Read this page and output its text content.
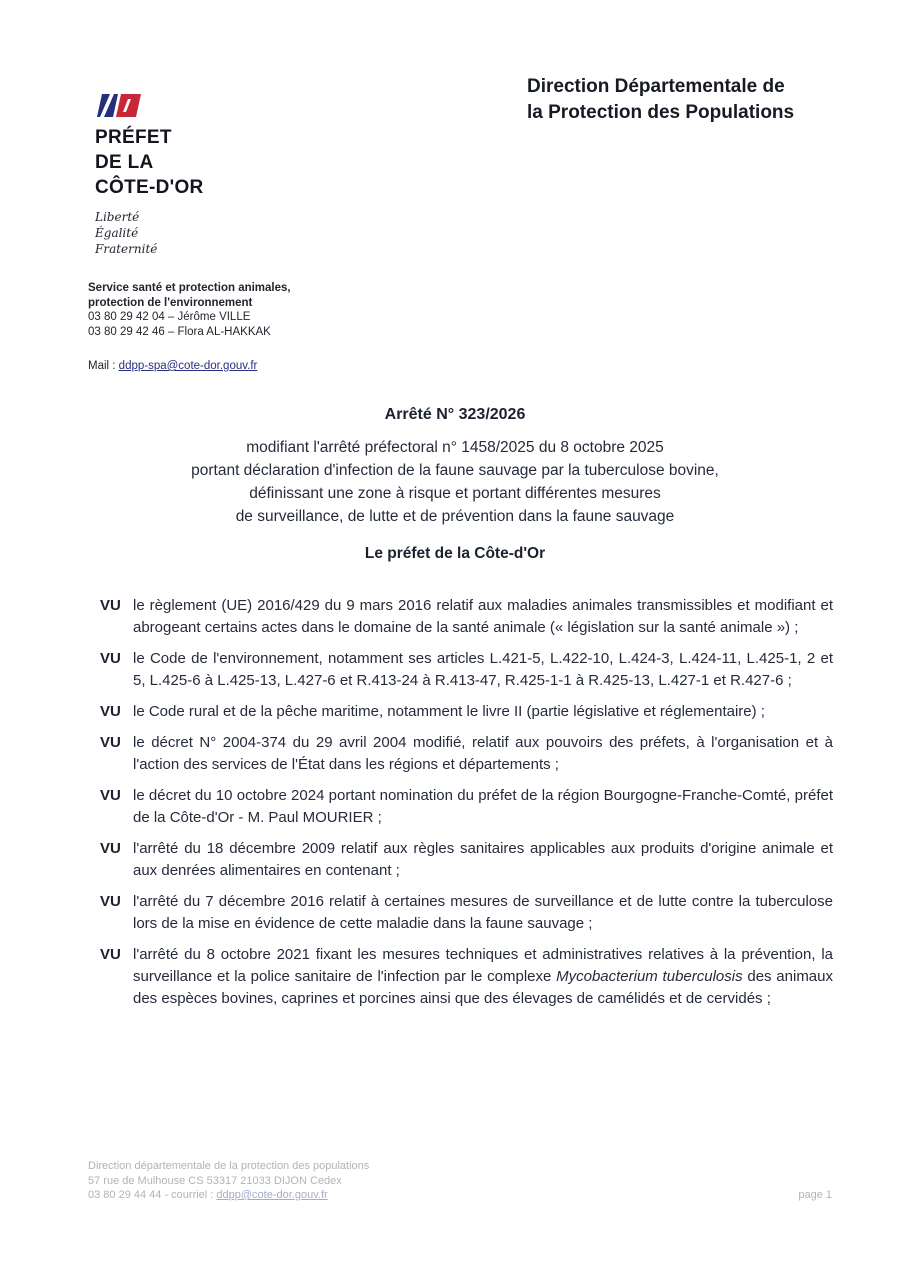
Direction Départementale de
la Protection des Populations
PRÉFET
DE LA
CÔTE-D'OR
Liberté
Égalité
Fraternité
Service santé et protection animales,
protection de l'environnement
03 80 29 42 04 – Jérôme VILLE
03 80 29 42 46 – Flora AL-HAKKAK
Mail : ddpp-spa@cote-dor.gouv.fr
Arrêté N° 323/2026
modifiant l'arrêté préfectoral n° 1458/2025 du 8 octobre 2025
portant déclaration d'infection de la faune sauvage par la tuberculose bovine,
définissant une zone à risque et portant différentes mesures
de surveillance, de lutte et de prévention dans la faune sauvage
Le préfet de la Côte-d'Or
VU le règlement (UE) 2016/429 du 9 mars 2016 relatif aux maladies animales transmissibles et modifiant et abrogeant certains actes dans le domaine de la santé animale (« législation sur la santé animale ») ;
VU le Code de l'environnement, notamment ses articles L.421-5, L.422-10, L.424-3, L.424-11, L.425-1, 2 et 5, L.425-6 à L.425-13, L.427-6 et R.413-24 à R.413-47, R.425-1-1 à R.425-13, L.427-1 et R.427-6 ;
VU le Code rural et de la pêche maritime, notamment le livre II (partie législative et réglementaire) ;
VU le décret N° 2004-374 du 29 avril 2004 modifié, relatif aux pouvoirs des préfets, à l'organisation et à l'action des services de l'État dans les régions et départements ;
VU le décret du 10 octobre 2024 portant nomination du préfet de la région Bourgogne-Franche-Comté, préfet de la Côte-d'Or - M. Paul MOURIER ;
VU l'arrêté du 18 décembre 2009 relatif aux règles sanitaires applicables aux produits d'origine animale et aux denrées alimentaires en contenant ;
VU l'arrêté du 7 décembre 2016 relatif à certaines mesures de surveillance et de lutte contre la tuberculose lors de la mise en évidence de cette maladie dans la faune sauvage ;
VU l'arrêté du 8 octobre 2021 fixant les mesures techniques et administratives relatives à la prévention, la surveillance et la police sanitaire de l'infection par le complexe Mycobacterium tuberculosis des animaux des espèces bovines, caprines et porcines ainsi que des élevages de camélidés et de cervidés ;
Direction départementale de la protection des populations
57 rue de Mulhouse CS 53317 21033 DIJON Cedex
03 80 29 44 44 - courriel : ddpp@cote-dor.gouv.fr	page 1
